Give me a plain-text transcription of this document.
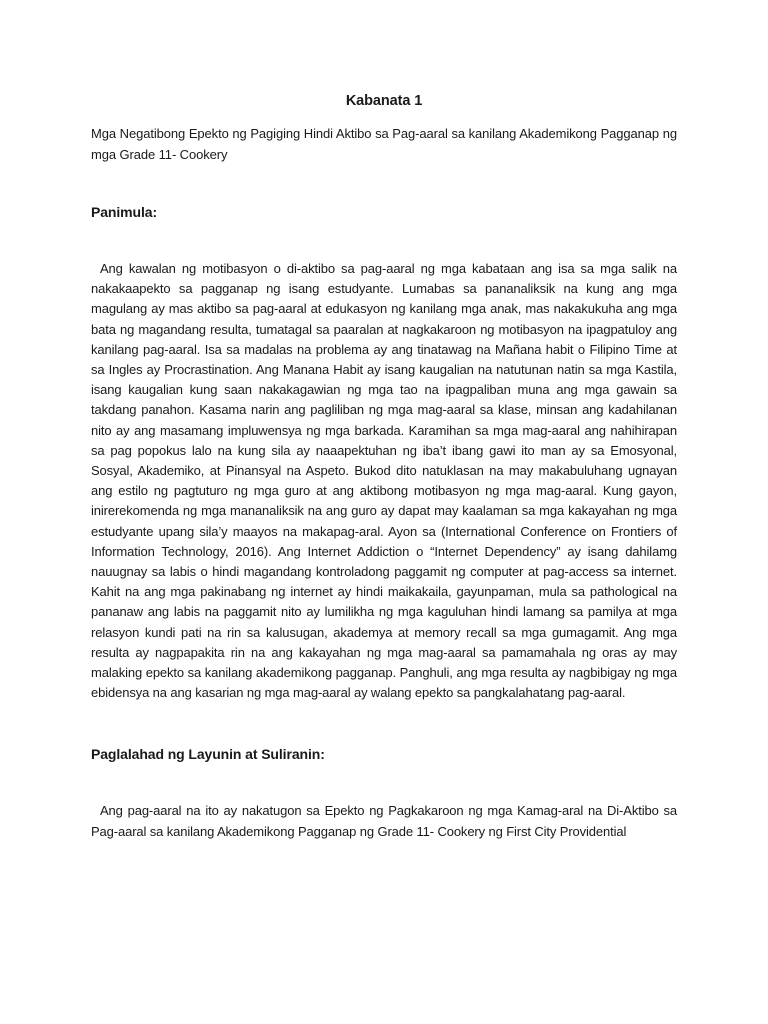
Kabanata 1
Mga Negatibong Epekto ng Pagiging Hindi Aktibo sa Pag-aaral sa kanilang Akademikong Pagganap ng mga Grade 11- Cookery
Panimula:

Ang kawalan ng motibasyon o di-aktibo sa pag-aaral ng mga kabataan ang isa sa mga salik na nakakaapekto sa pagganap ng isang estudyante. Lumabas sa pananaliksik na kung ang mga magulang ay mas aktibo sa pag-aaral at edukasyon ng kanilang mga anak, mas nakakukuha ang mga bata ng magandang resulta, tumatagal sa paaralan at nagkakaroon ng motibasyon na ipagpatuloy ang kanilang pag-aaral. Isa sa madalas na problema ay ang tinatawag na Mañana habit o Filipino Time at sa Ingles ay Procrastination. Ang Manana Habit ay isang kaugalian na natutunan natin sa mga Kastila, isang kaugalian kung saan nakakagawian ng mga tao na ipagpaliban muna ang mga gawain sa takdang panahon. Kasama narin ang pagliliban ng mga mag-aaral sa klase, minsan ang kadahilanan nito ay ang masamang impluwensya ng mga barkada. Karamihan sa mga mag-aaral ang nahihirapan sa pag popokus lalo na kung sila ay naaapektuhan ng iba’t ibang gawi ito man ay sa Emosyonal, Sosyal, Akademiko, at Pinansyal na Aspeto. Bukod dito natuklasan na may makabuluhang ugnayan ang estilo ng pagtuturo ng mga guro at ang aktibong motibasyon ng mga mag-aaral. Kung gayon, inirerekomenda ng mga mananaliksik na ang guro ay dapat may kaalaman sa mga kakayahan ng mga estudyante upang sila’y maayos na makapag-aral. Ayon sa (International Conference on Frontiers of Information Technology, 2016). Ang Internet Addiction o “Internet Dependency” ay isang dahilamg nauugnay sa labis o hindi magandang kontroladong paggamit ng computer at pag-access sa internet. Kahit na ang mga pakinabang ng internet ay hindi maikakaila, gayunpaman, mula sa pathological na pananaw ang labis na paggamit nito ay lumilikha ng mga kaguluhan hindi lamang sa pamilya at mga relasyon kundi pati na rin sa kalusugan, akademya at memory recall sa mga gumagamit. Ang mga resulta ay nagpapakita rin na ang kakayahan ng mga mag-aaral sa pamamahala ng oras ay may malaking epekto sa kanilang akademikong pagganap. Panghuli, ang mga resulta ay nagbibigay ng mga ebidensya na ang kasarian ng mga mag-aaral ay walang epekto sa pangkalahatang pag-aaral.

Paglalahad ng Layunin at Suliranin:

Ang pag-aaral na ito ay nakatugon sa Epekto ng Pagkakaroon ng mga Kamag-aral na Di-Aktibo sa Pag-aaral sa kanilang Akademikong Pagganap ng Grade 11- Cookery ng First City Providential
